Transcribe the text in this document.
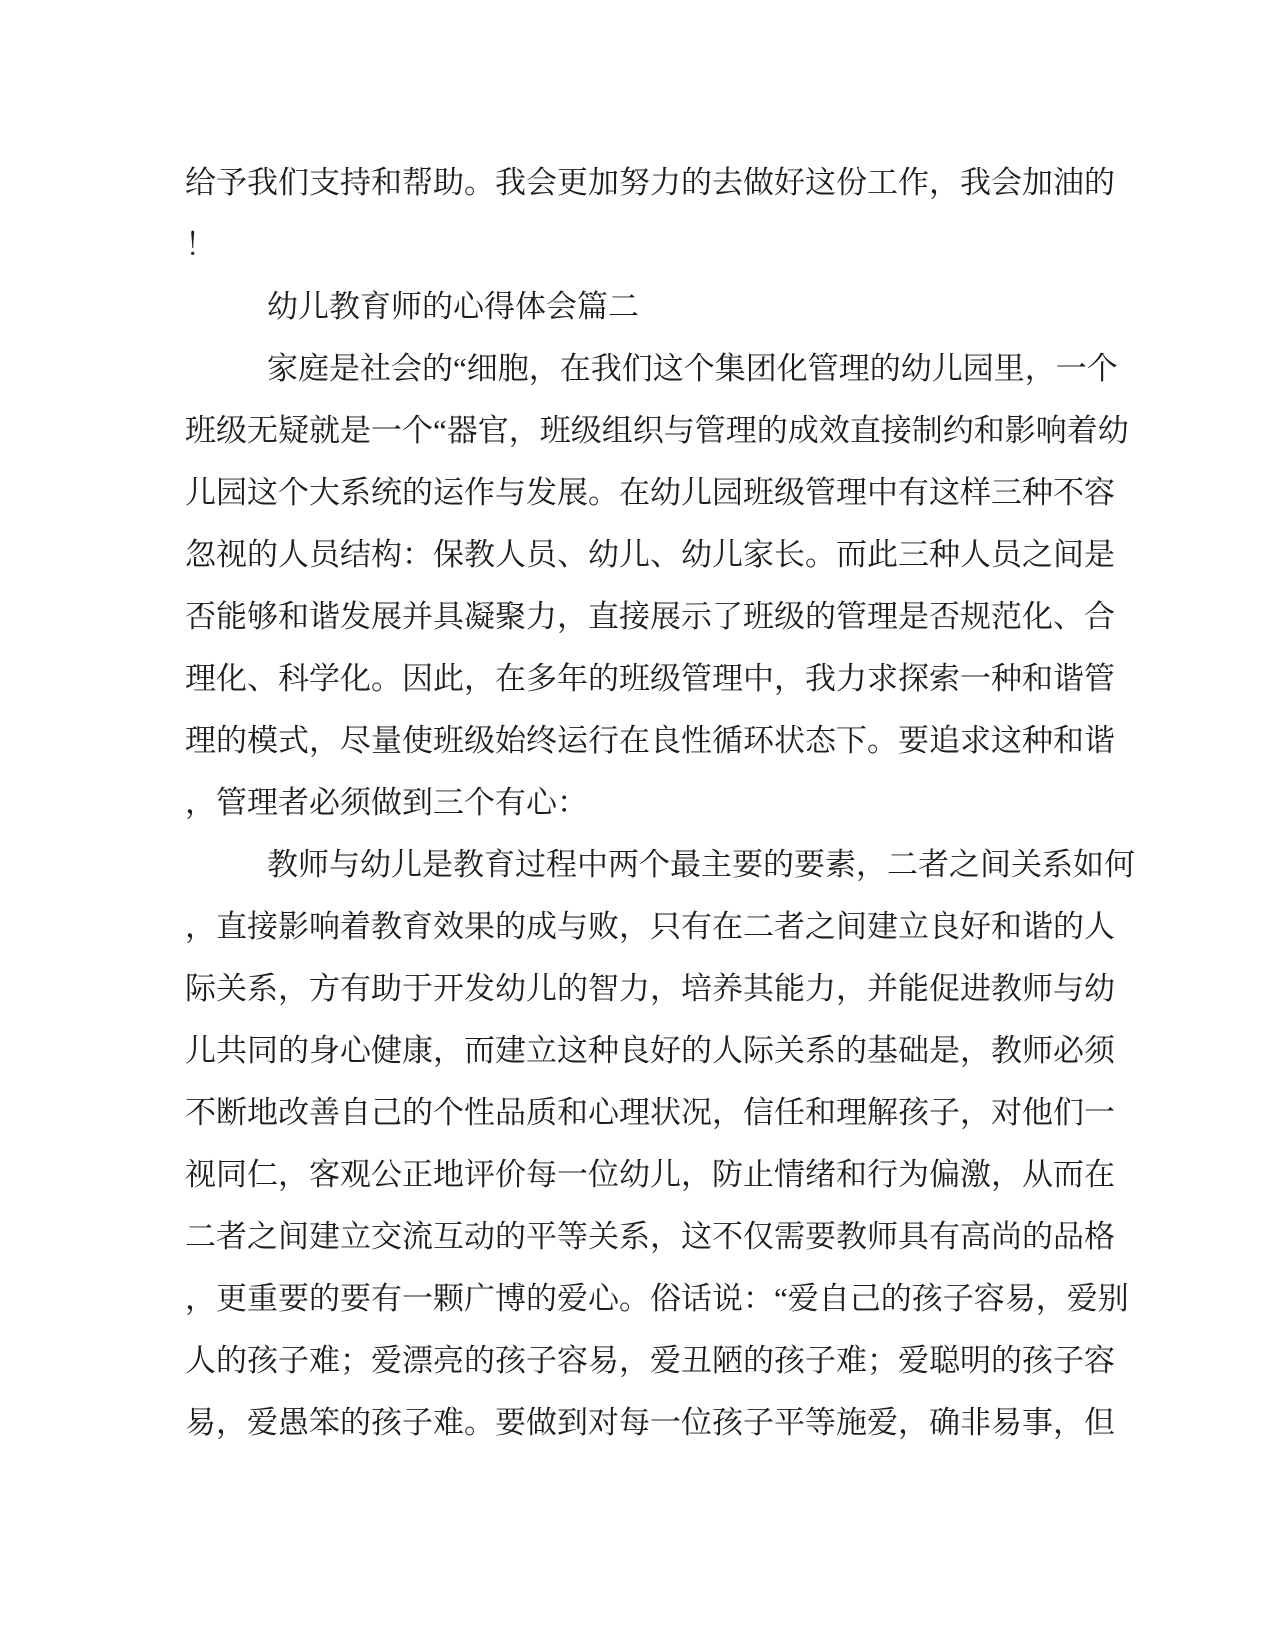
给予我们支持和帮助。我会更加努力的去做好这份工作，我会加油的
！
幼儿教育师的心得体会篇二
家庭是社会的“细胞，在我们这个集团化管理的幼儿园里，一个
班级无疑就是一个“器官，班级组织与管理的成效直接制约和影响着幼
儿园这个大系统的运作与发展。在幼儿园班级管理中有这样三种不容
忽视的人员结构：保教人员、幼儿、幼儿家长。而此三种人员之间是
否能够和谐发展并具凝聚力，直接展示了班级的管理是否规范化、合
理化、科学化。因此，在多年的班级管理中，我力求探索一种和谐管
理的模式，尽量使班级始终运行在良性循环状态下。要追求这种和谐
，管理者必须做到三个有心：
教师与幼儿是教育过程中两个最主要的要素，二者之间关系如何
，直接影响着教育效果的成与败，只有在二者之间建立良好和谐的人
际关系，方有助于开发幼儿的智力，培养其能力，并能促进教师与幼
儿共同的身心健康，而建立这种良好的人际关系的基础是，教师必须
不断地改善自己的个性品质和心理状况，信任和理解孩子，对他们一
视同仁，客观公正地评价每一位幼儿，防止情绪和行为偏激，从而在
二者之间建立交流互动的平等关系，这不仅需要教师具有高尚的品格
，更重要的要有一颗广博的爱心。俗话说：“爱自己的孩子容易，爱别
人的孩子难；爱漂亮的孩子容易，爱丑陋的孩子难；爱聪明的孩子容
易，爱愚笨的孩子难。要做到对每一位孩子平等施爱，确非易事，但
